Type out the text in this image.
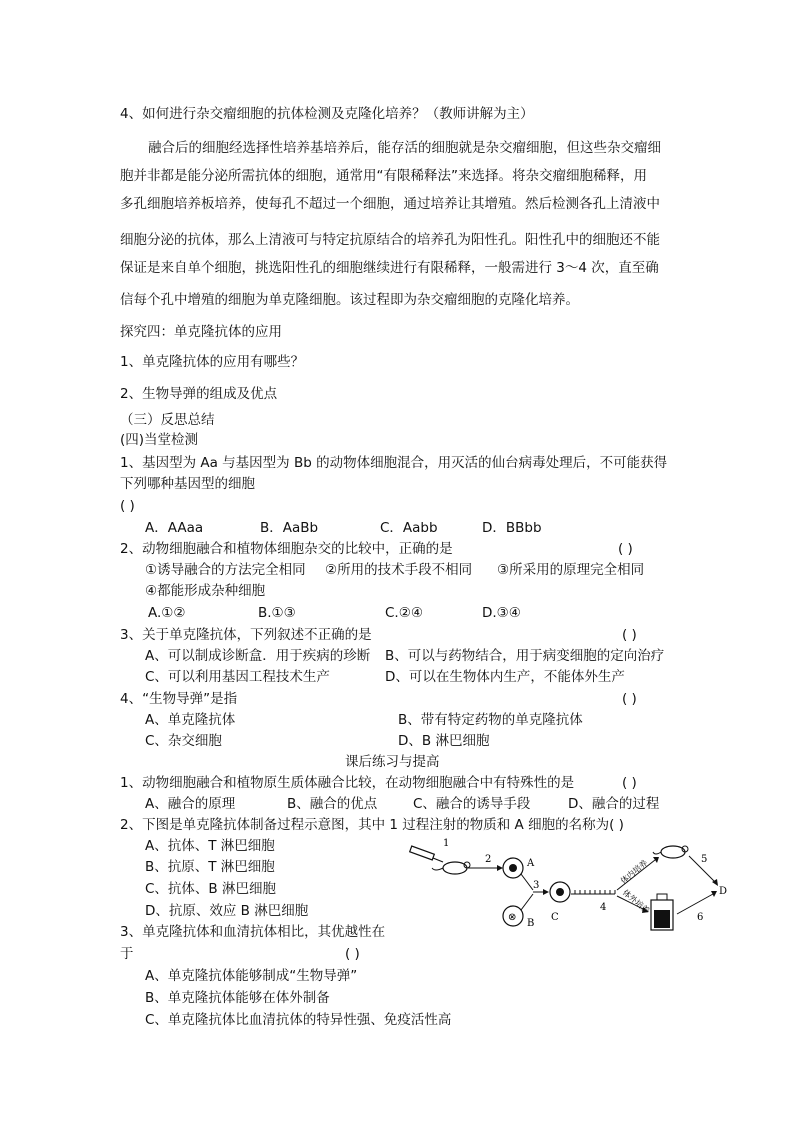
4、如何进行杂交瘤细胞的抗体检测及克隆化培养？（教师讲解为主）
融合后的细胞经选择性培养基培养后，能存活的细胞就是杂交瘤细胞，但这些杂交瘤细
胞并非都是能分泌所需抗体的细胞，通常用“有限稀释法”来选择。将杂交瘤细胞稀释，用
多孔细胞培养板培养，使每孔不超过一个细胞，通过培养让其增殖。然后检测各孔上清液中
细胞分泌的抗体，那么上清液可与特定抗原结合的培养孔为阳性孔。阳性孔中的细胞还不能
保证是来自单个细胞，挑选阳性孔的细胞继续进行有限稀释，一般需进行 3～4 次，直至确
信每个孔中增殖的细胞为单克隆细胞。该过程即为杂交瘤细胞的克隆化培养。
探究四：单克隆抗体的应用
1、单克隆抗体的应用有哪些？
2、生物导弹的组成及优点
（三）反思总结
(四)当堂检测
1、基因型为 Aa 与基因型为 Bb 的动物体细胞混合，用灭活的仙台病毒处理后，不可能获得
下列哪种基因型的细胞
( )
A．AAaa	B．AaBb	C．Aabb	D．BBbb
2、动物细胞融合和植物体细胞杂交的比较中，正确的是	( )
①诱导融合的方法完全相同 ②所用的技术手段不相同 ③所采用的原理完全相同
④都能形成杂种细胞
A.①②	B.①③	C.②④	D.③④
3、关于单克隆抗体，下列叙述不正确的是	( )
A、可以制成诊断盒．用于疾病的珍断 B、可以与药物结合，用于病变细胞的定向治疗
C、可以利用基因工程技术生产	D、可以在生物体内生产，不能体外生产
4、“生物导弹”是指	( )
A、单克隆抗体	B、带有特定药物的单克隆抗体
C、杂交细胞	D、B 淋巴细胞
课后练习与提高
1、动物细胞融合和植物原生质体融合比较，在动物细胞融合中有特殊性的是	( )
A、融合的原理	B、融合的优点	C、融合的诱导手段	D、融合的过程
2、下图是单克隆抗体制备过程示意图，其中 1 过程注射的物质和 A 细胞的名称为( )
A、抗体、T 淋巴细胞
B、抗原、T 淋巴细胞
C、抗体、B 淋巴细胞
D、抗原、效应 B 淋巴细胞
3、单克隆抗体和血清抗体相比，其优越性在
于	( )
A、单克隆抗体能够制成“生物导弹”
B、单克隆抗体能够在体外制备
C、单克隆抗体比血清抗体的特异性强、免疫活性高
1
2	A
⊗
B
3
C
4
体内培养
体外培养
5
6
D
